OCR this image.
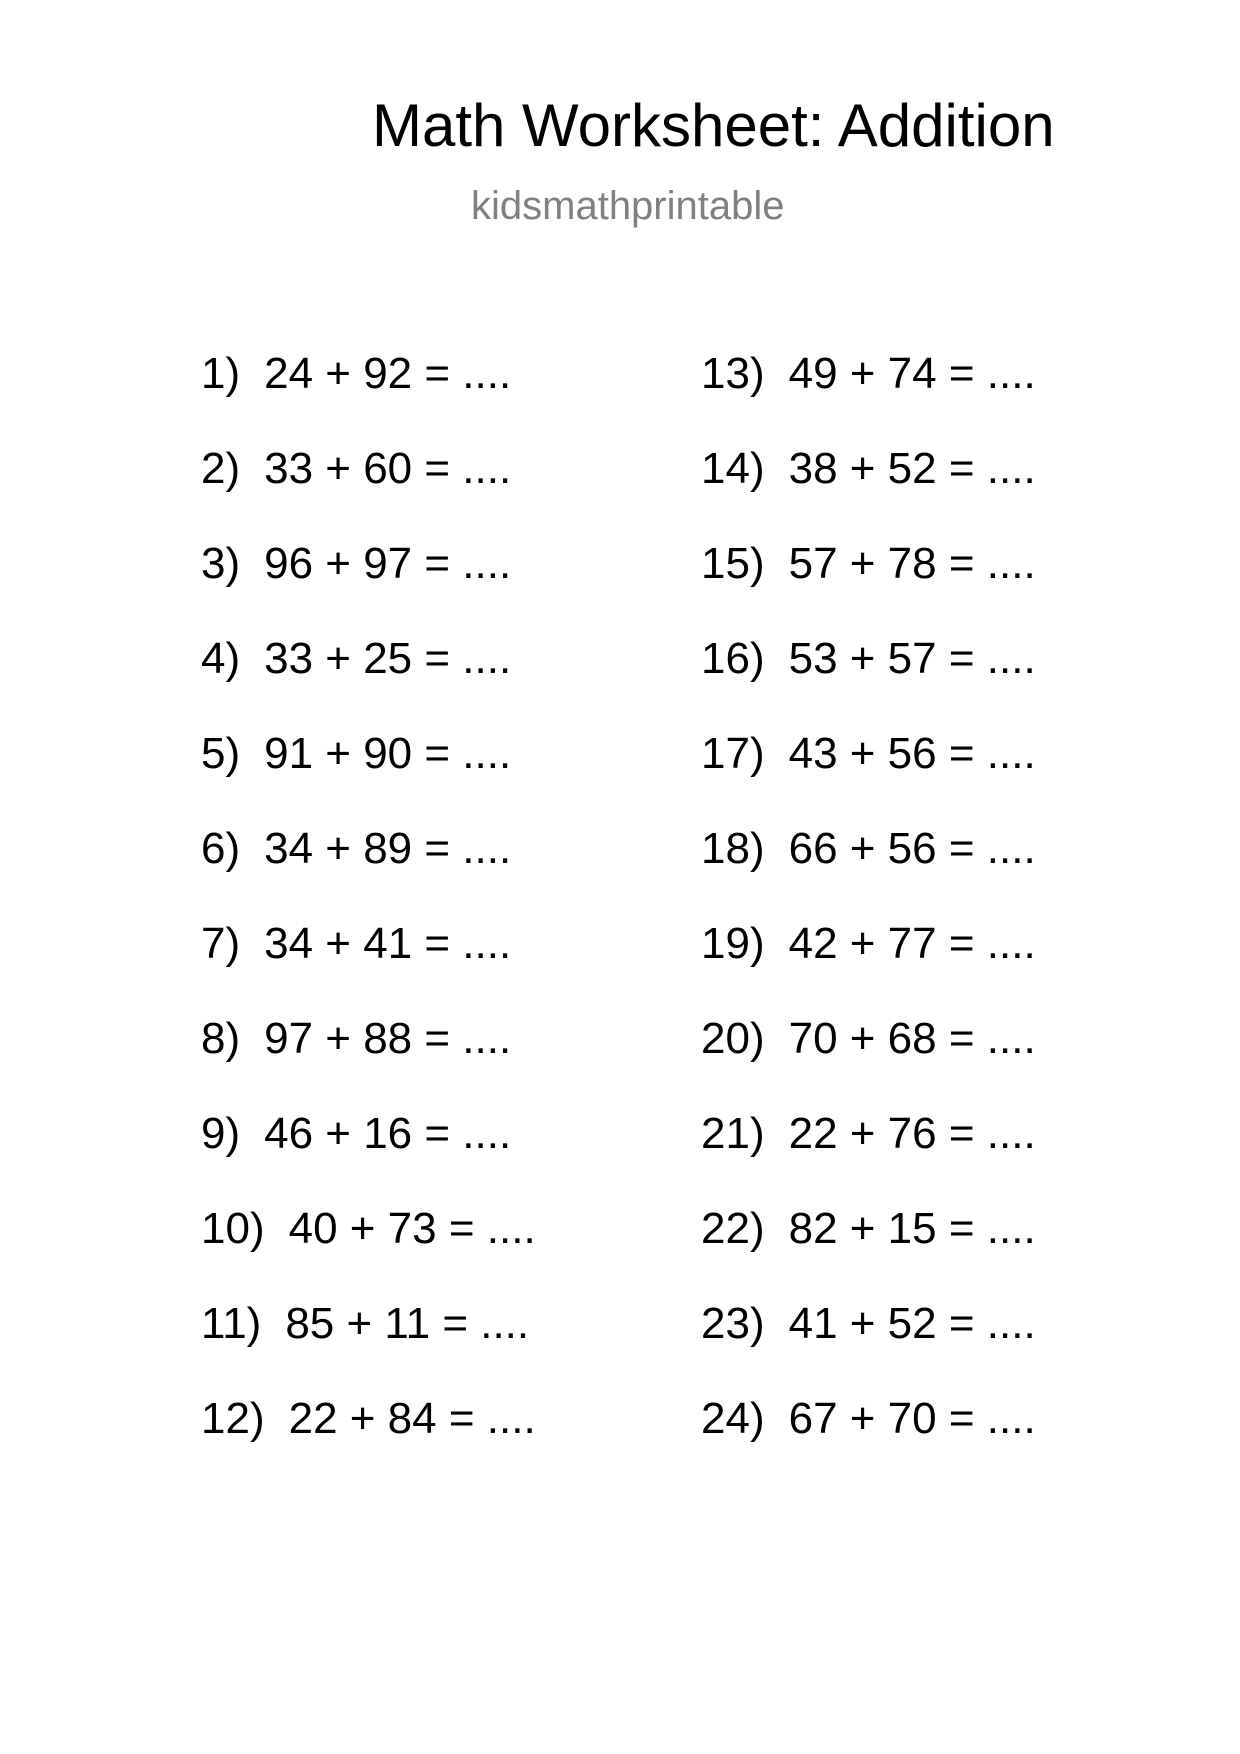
Math Worksheet: Addition
kidsmathprintable
1) 24 + 92 = ....
2) 33 + 60 = ....
3) 96 + 97 = ....
4) 33 + 25 = ....
5) 91 + 90 = ....
6) 34 + 89 = ....
7) 34 + 41 = ....
8) 97 + 88 = ....
9) 46 + 16 = ....
10) 40 + 73 = ....
11) 85 + 11 = ....
12) 22 + 84 = ....
13) 49 + 74 = ....
14) 38 + 52 = ....
15) 57 + 78 = ....
16) 53 + 57 = ....
17) 43 + 56 = ....
18) 66 + 56 = ....
19) 42 + 77 = ....
20) 70 + 68 = ....
21) 22 + 76 = ....
22) 82 + 15 = ....
23) 41 + 52 = ....
24) 67 + 70 = ....
